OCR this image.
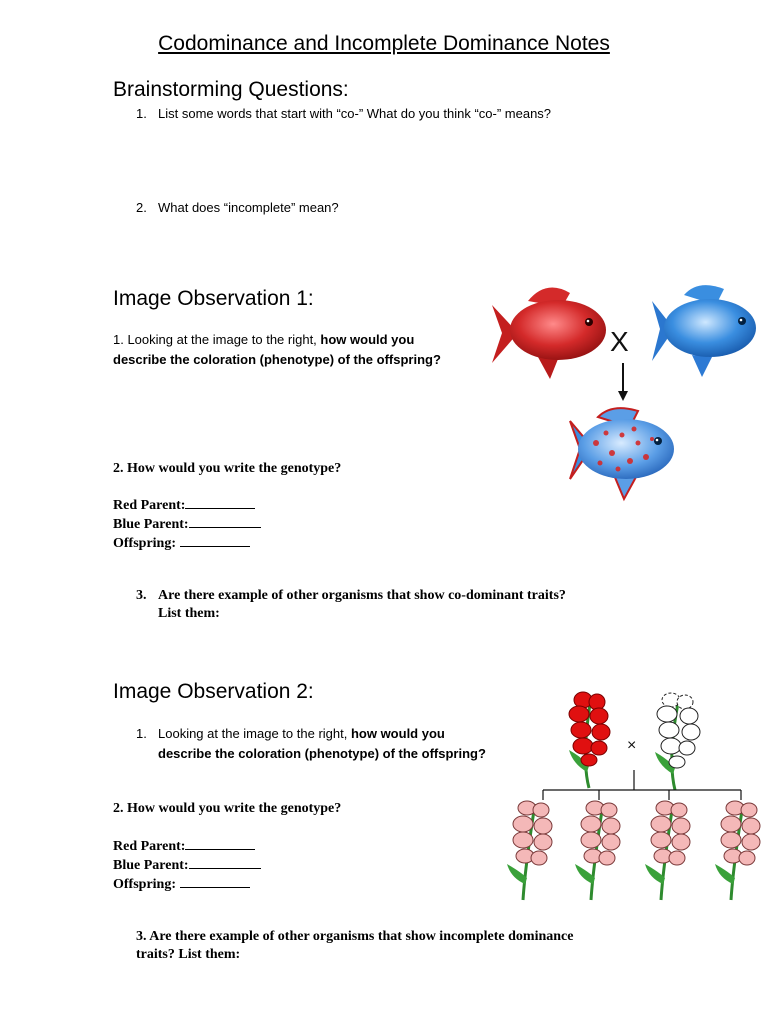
Codominance and Incomplete Dominance Notes
Brainstorming Questions:
1. List some words that start with “co-” What do you think “co-” means?
2. What does “incomplete” mean?
Image Observation 1:
1. Looking at the image to the right, how would you
describe the coloration (phenotype) of the offspring?
2. How would you write the genotype?
Red Parent:
Blue Parent:
Offspring:
3. Are there example of other organisms that show co-dominant traits?
List them:
X
Image Observation 2:
1. Looking at the image to the right, how would you
describe the coloration (phenotype) of the offspring?
2. How would you write the genotype?
Red Parent:
Blue Parent:
Offspring:
3. Are there example of other organisms that show incomplete dominance
traits? List them:
×
